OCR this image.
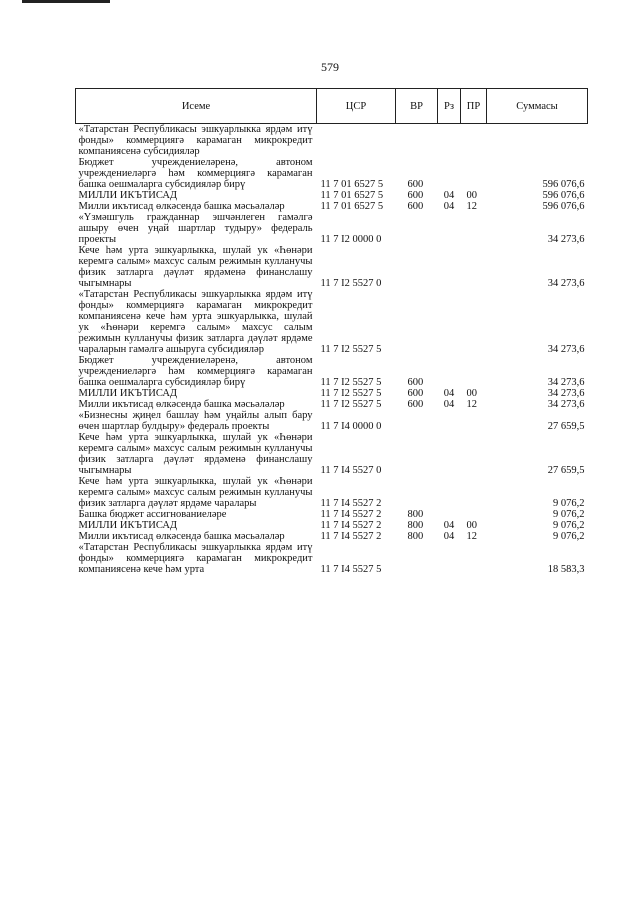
579
Исеме	ЦСР	ВР	Рз	ПР	Суммасы
«Татарстан Республикасы эшкуарлыкка ярдәм итү фонды» коммерциягә карамаган микрокредит компаниясенә субсидияләр					
Бюджет учреждениеләренә, автоном учреждениеләргә һәм коммерциягә карамаган башка оешмаларга субсидияләр бирү	11 7 01 6527 5	600			596 076,6
МИЛЛИ ИКЪТИСАД	11 7 01 6527 5	600	04	00	596 076,6
Милли икътисад өлкәсендә башка мәсьәләләр	11 7 01 6527 5	600	04	12	596 076,6
«Үзмәшгуль гражданнар эшчәнлеген гамәлгә ашыру өчен уңай шартлар тудыру» федераль проекты	11 7 I2 0000 0				34 273,6
Кече һәм урта эшкуарлыкка, шулай ук «Һөнәри керемгә салым» махсус салым режимын кулланучы физик затларга дәүләт ярдәменә финанслашу чыгымнары	11 7 I2 5527 0				34 273,6
«Татарстан Республикасы эшкуарлыкка ярдәм итү фонды» коммерциягә карамаган микрокредит компаниясенә кече һәм урта эшкуарлыкка, шулай ук «Һөнәри керемгә салым» махсус салым режимын кулланучы физик затларга дәүләт ярдәме чараларын гамәлгә ашыруга субсидияләр	11 7 I2 5527 5				34 273,6
Бюджет учреждениеләренә, автоном учреждениеләргә һәм коммерциягә карамаган башка оешмаларга субсидияләр бирү	11 7 I2 5527 5	600			34 273,6
МИЛЛИ ИКЪТИСАД	11 7 I2 5527 5	600	04	00	34 273,6
Милли икътисад өлкәсендә башка мәсьәләләр	11 7 I2 5527 5	600	04	12	34 273,6
«Бизнесны җиңел башлау һәм уңайлы алып бару өчен шартлар булдыру» федераль проекты	11 7 I4 0000 0				27 659,5
Кече һәм урта эшкуарлыкка, шулай ук «Һөнәри керемгә салым» махсус салым режимын кулланучы физик затларга дәүләт ярдәменә финанслашу чыгымнары	11 7 I4 5527 0				27 659,5
Кече һәм урта эшкуарлыкка, шулай ук «Һөнәри керемгә салым» махсус салым режимын кулланучы физик затларга дәүләт ярдәме чаралары	11 7 I4 5527 2				9 076,2
Башка бюджет ассигнованиеләре	11 7 I4 5527 2	800			9 076,2
МИЛЛИ ИКЪТИСАД	11 7 I4 5527 2	800	04	00	9 076,2
Милли икътисад өлкәсендә башка мәсьәләләр	11 7 I4 5527 2	800	04	12	9 076,2
«Татарстан Республикасы эшкуарлыкка ярдәм итү фонды» коммерциягә карамаган микрокредит компаниясенә кече һәм урта	11 7 I4 5527 5				18 583,3
